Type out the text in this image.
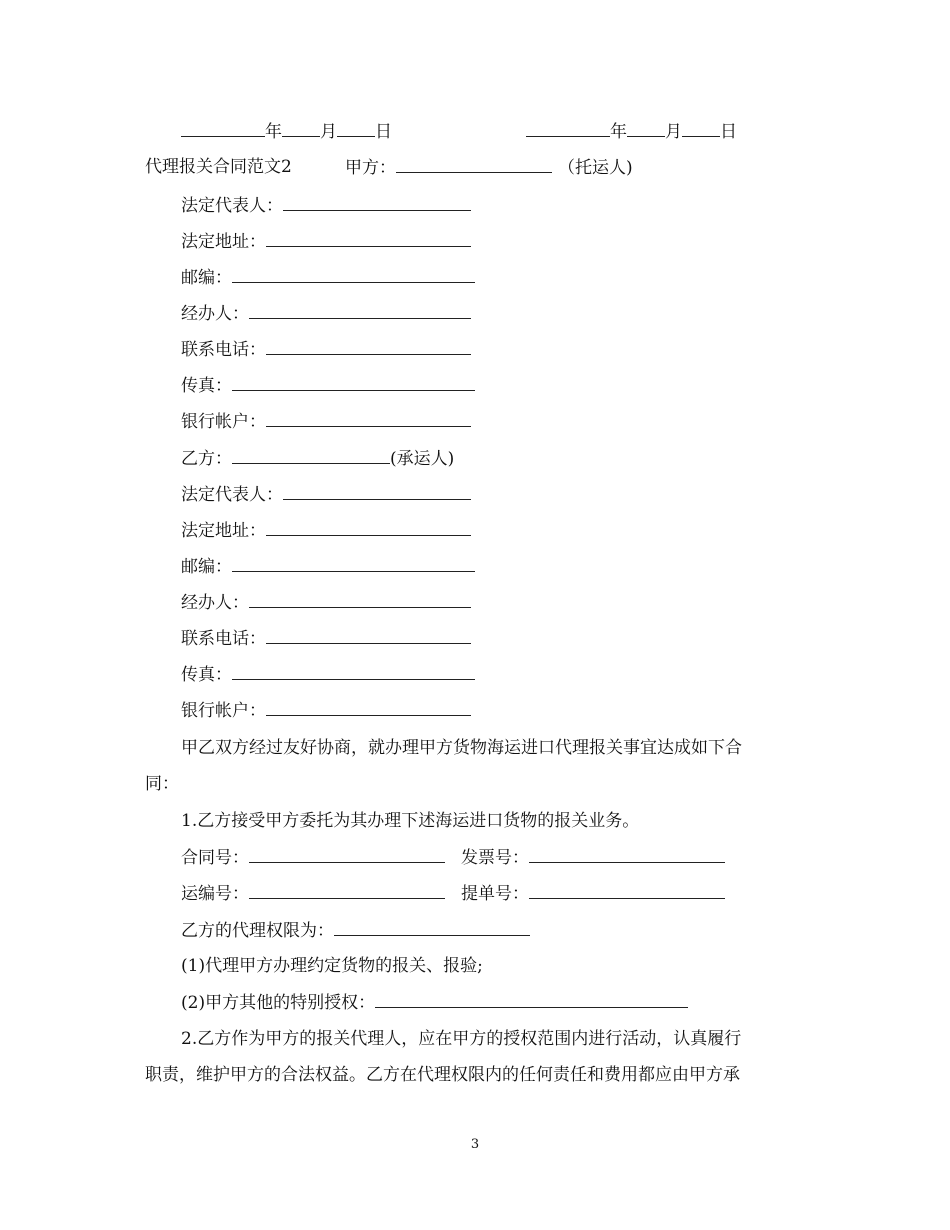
年 月 日	年 月 日
代理报关合同范文2	甲方：	（托运人)
法定代表人：
法定地址：
邮编：
经办人：
联系电话：
传真：
银行帐户：
乙方：	(承运人)
法定代表人：
法定地址：
邮编：
经办人：
联系电话：
传真：
银行帐户：
甲乙双方经过友好协商，就办理甲方货物海运进口代理报关事宜达成如下合
同：
1.乙方接受甲方委托为其办理下述海运进口货物的报关业务。
合同号：	发票号：
运编号：	提单号：
乙方的代理权限为：
(1)代理甲方办理约定货物的报关、报验;
(2)甲方其他的特别授权：
2.乙方作为甲方的报关代理人，应在甲方的授权范围内进行活动，认真履行
职责，维护甲方的合法权益。乙方在代理权限内的任何责任和费用都应由甲方承
3
